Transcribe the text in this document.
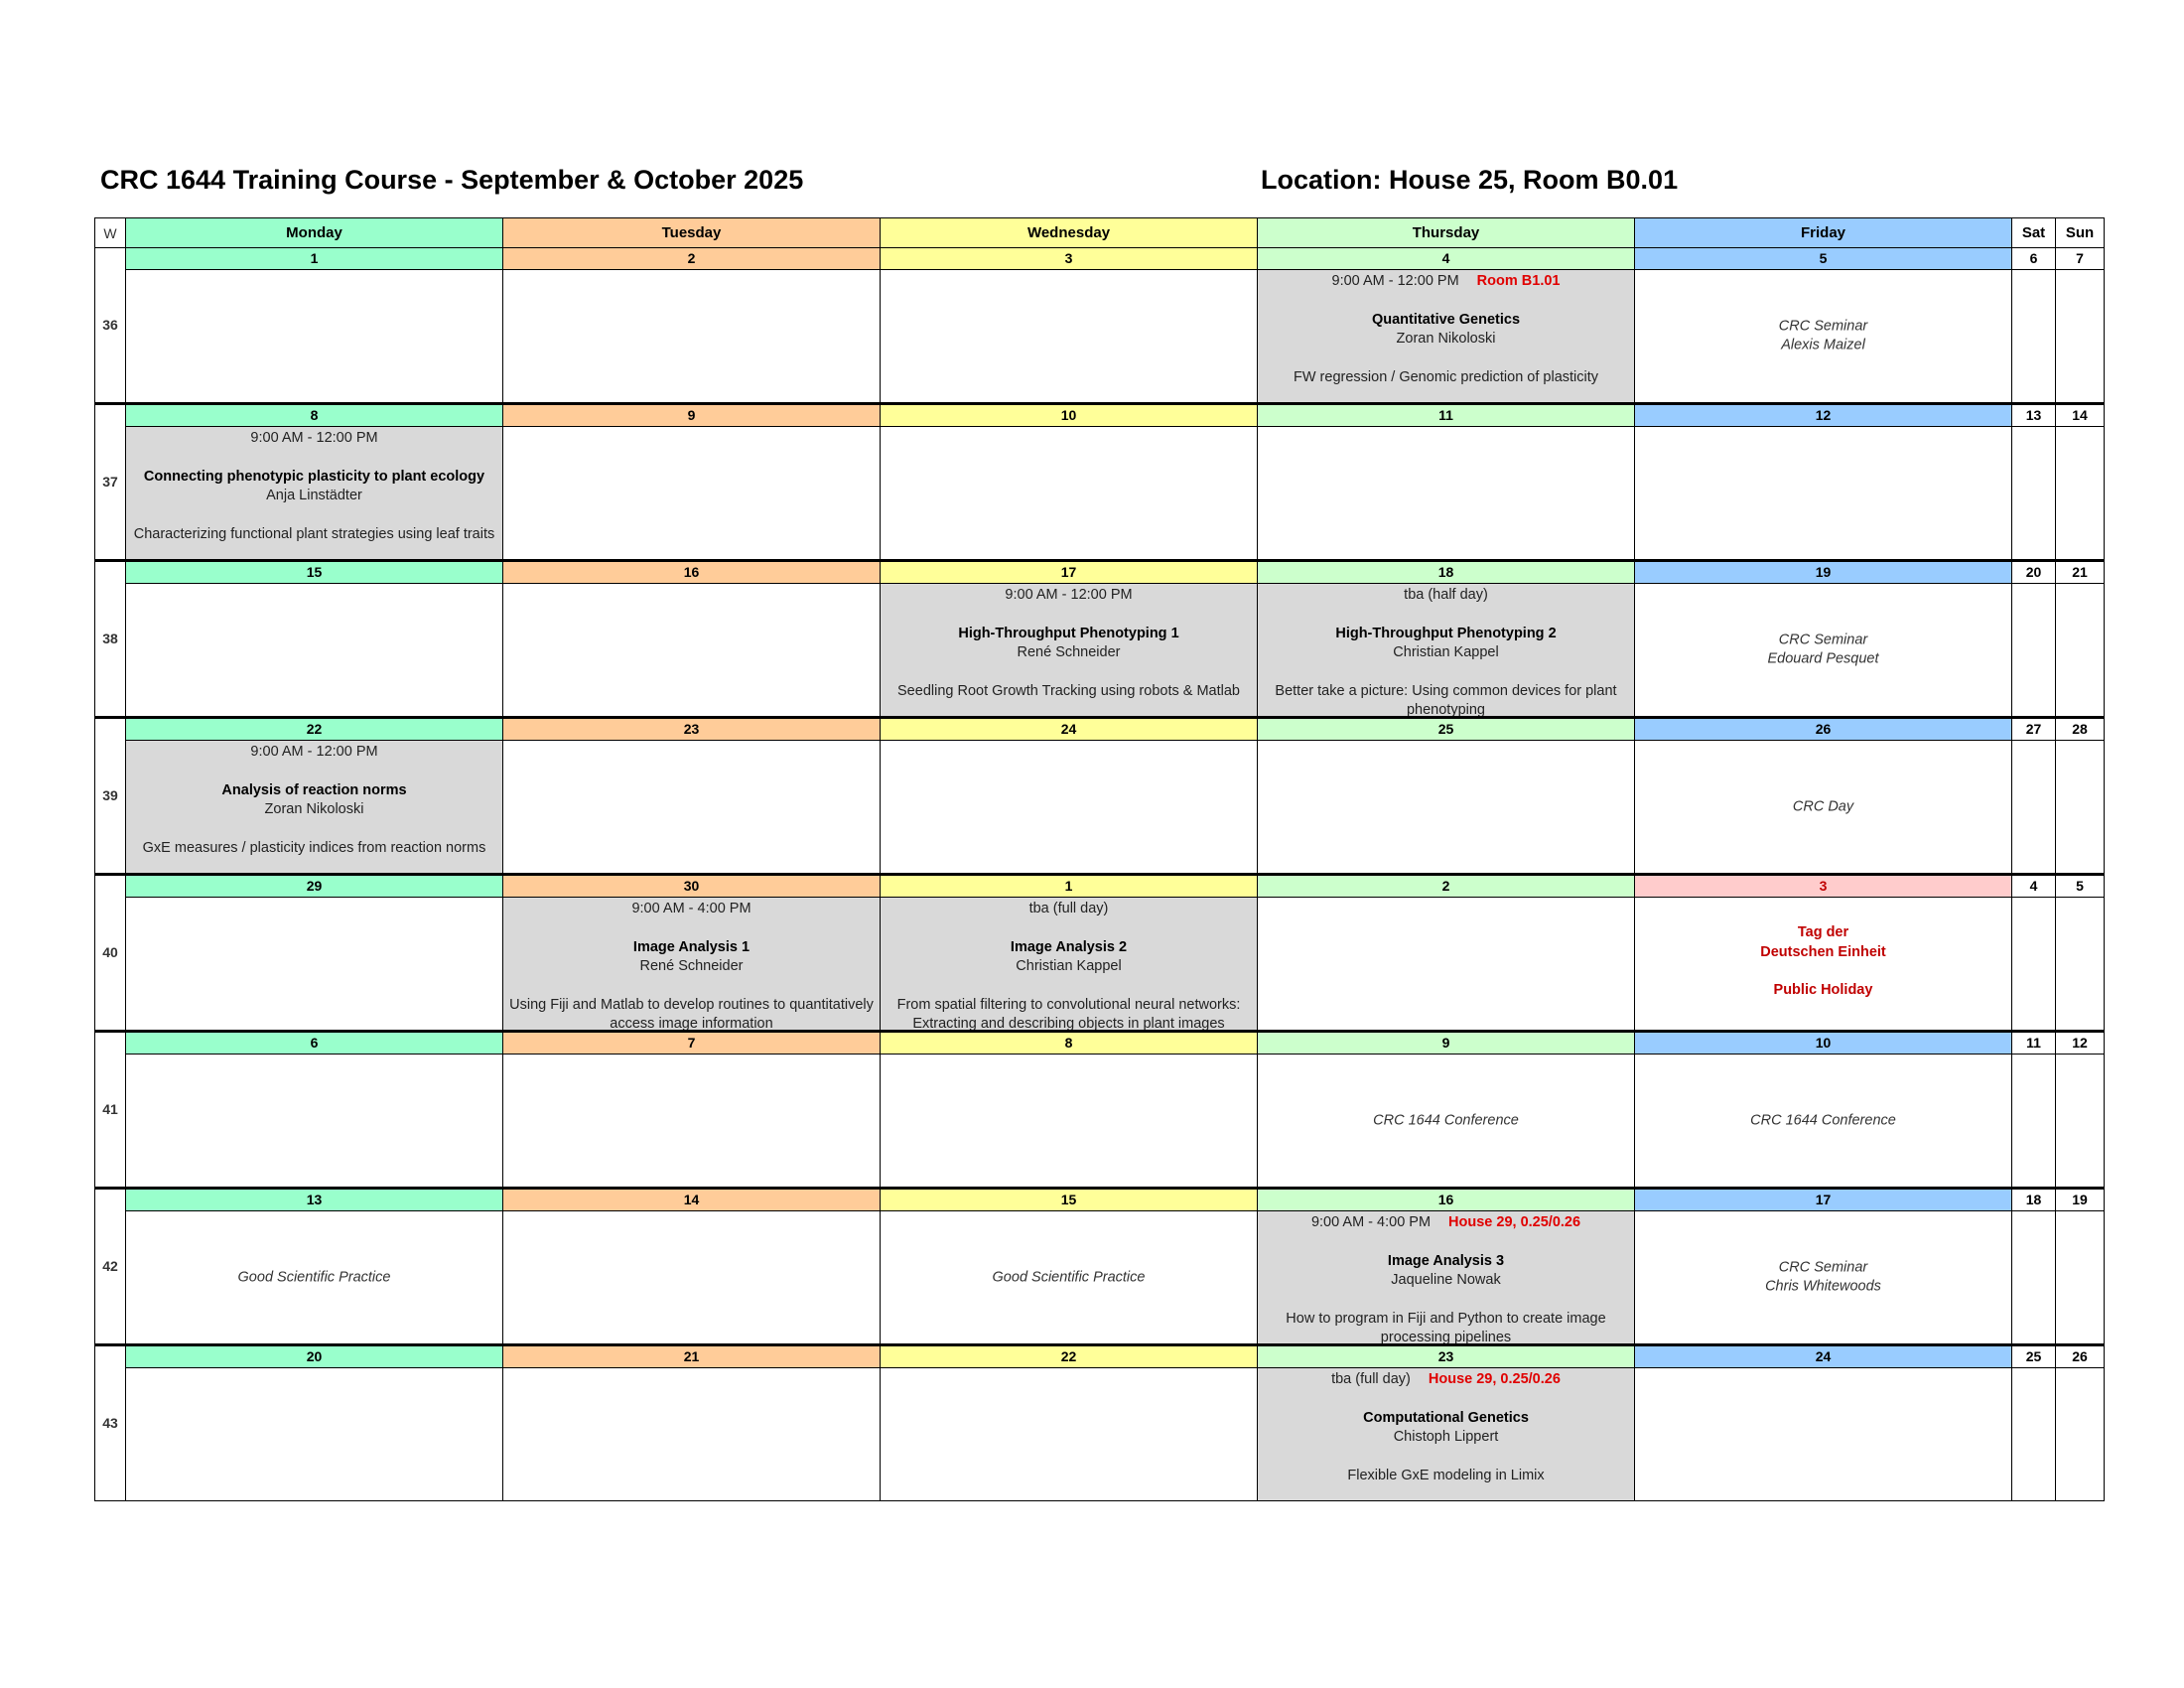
CRC 1644 Training Course - September & October 2025	Location: House 25, Room B0.01
W	Monday	Tuesday	Wednesday	Thursday	Friday	Sat	Sun
36	1	2	3	4	5	6	7

				9:00 AM - 12:00 PM Room B1.01
Quantitative Genetics
Zoran Nikoloski
FW regression / Genomic prediction of plasticity	CRC Seminar
Alexis Maizel		

37	8	9	10	11	12	13	14

	9:00 AM - 12:00 PM
Connecting phenotypic plasticity to plant ecology
Anja Linstädter
Characterizing functional plant strategies using leaf traits						

38	15	16	17	18	19	20	21

			9:00 AM - 12:00 PM
High-Throughput Phenotyping 1
René Schneider
Seedling Root Growth Tracking using robots & Matlab	tba (half day)
High-Throughput Phenotyping 2
Christian Kappel
Better take a picture: Using common devices for plant phenotyping	CRC Seminar
Edouard Pesquet		

39	22	23	24	25	26	27	28

	9:00 AM - 12:00 PM
Analysis of reaction norms
Zoran Nikoloski
GxE measures / plasticity indices from reaction norms				CRC Day		

40	29	30	1	2	3	4	5

		9:00 AM - 4:00 PM
Image Analysis 1
René Schneider
Using Fiji and Matlab to develop routines to quantitatively access image information	tba (full day)
Image Analysis 2
Christian Kappel
From spatial filtering to convolutional neural networks: Extracting and describing objects in plant images		Tag der
Deutschen Einheit
Public Holiday		

41	6	7	8	9	10	11	12

				CRC 1644 Conference	CRC 1644 Conference		

42	13	14	15	16	17	18	19

	Good Scientific Practice		Good Scientific Practice	9:00 AM - 4:00 PM House 29, 0.25/0.26
Image Analysis 3
Jaqueline Nowak
How to program in Fiji and Python to create image processing pipelines	CRC Seminar
Chris Whitewoods		

43	20	21	22	23	24	25	26

				tba (full day) House 29, 0.25/0.26
Computational Genetics
Chistoph Lippert
Flexible GxE modeling in Limix			
